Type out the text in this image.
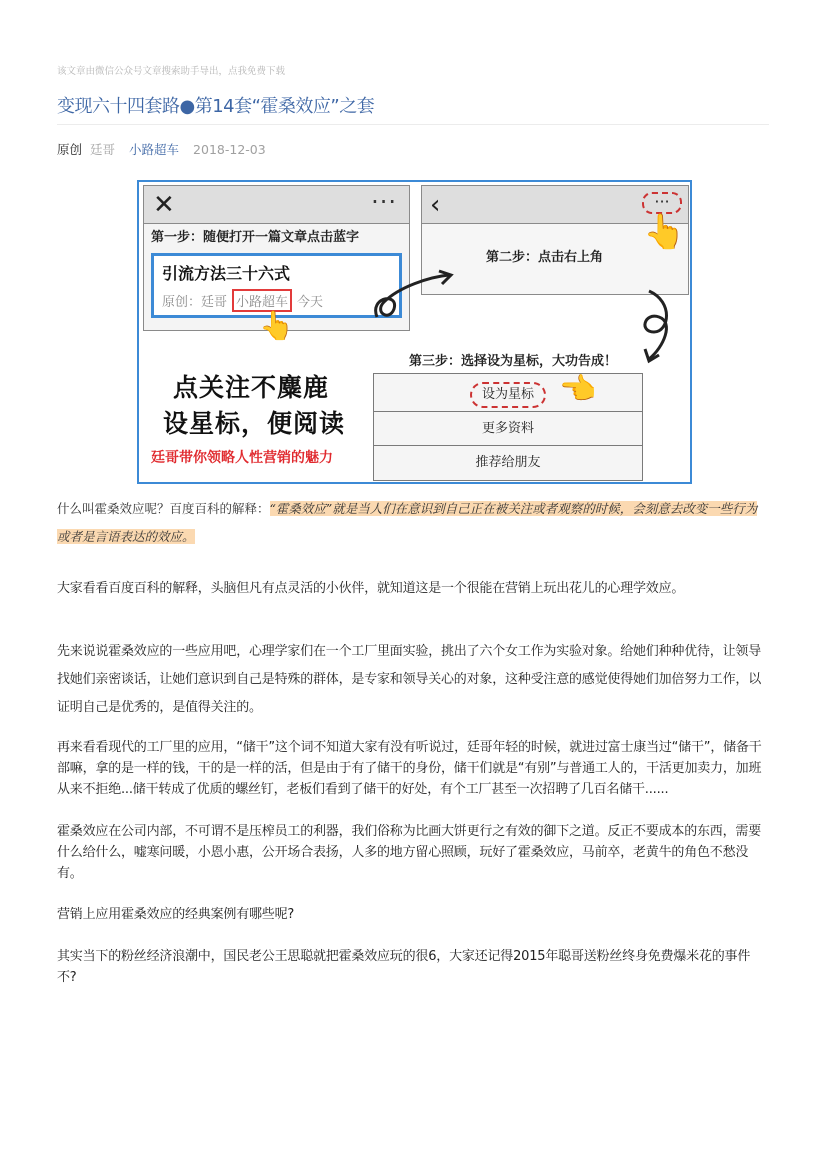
该文章由微信公众号文章搜索助手导出，点我免费下载
变现六十四套路●第14套“霍桑效应”之套
原创 廷哥 小路超车 2018-12-03
✕	···
第一步：随便打开一篇文章点击蓝字
引流方法三十六式
原创： 廷哥 小路超车 今天
👆
‹	···
第二步：点击右上角
👆
第三步：选择设为星标，大功告成！
点关注不麋鹿
设星标，便阅读
廷哥带你领略人性营销的魅力
设为星标
更多资料
推荐给朋友
👈

什么叫霍桑效应呢？百度百科的解释：“霍桑效应”就是当人们在意识到自己正在被关注或者观察的时候，会刻意去改变一些行为或者是言语表达的效应。

大家看看百度百科的解释，头脑但凡有点灵活的小伙伴，就知道这是一个很能在营销上玩出花儿的心理学效应。

先来说说霍桑效应的一些应用吧，心理学家们在一个工厂里面实验，挑出了六个女工作为实验对象。给她们种种优待，让领导找她们亲密谈话，让她们意识到自己是特殊的群体，是专家和领导关心的对象，这种受注意的感觉使得她们加倍努力工作，以证明自己是优秀的，是值得关注的。

再来看看现代的工厂里的应用，“储干”这个词不知道大家有没有听说过，廷哥年轻的时候，就进过富士康当过“储干”，储备干部嘛，拿的是一样的钱，干的是一样的活，但是由于有了储干的身份，储干们就是“有别”与普通工人的，干活更加卖力，加班从来不拒绝...储干转成了优质的螺丝钉，老板们看到了储干的好处，有个工厂甚至一次招聘了几百名储干......

霍桑效应在公司内部，不可谓不是压榨员工的利器，我们俗称为比画大饼更行之有效的御下之道。反正不要成本的东西，需要什么给什么，嘘寒问暖，小恩小惠，公开场合表扬，人多的地方留心照顾，玩好了霍桑效应，马前卒，老黄牛的角色不愁没有。

营销上应用霍桑效应的经典案例有哪些呢?

其实当下的粉丝经济浪潮中，国民老公王思聪就把霍桑效应玩的很6，大家还记得2015年聪哥送粉丝终身免费爆米花的事件不?
